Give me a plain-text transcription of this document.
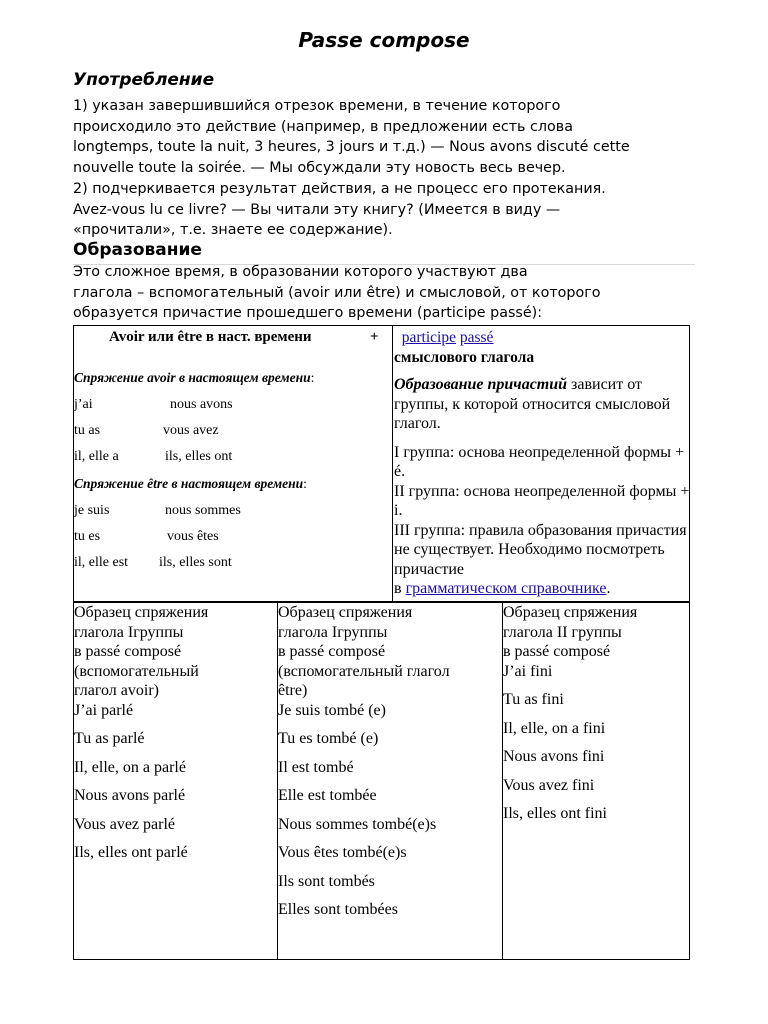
Passe compose
Употребление
1) указан завершившийся отрезок времени, в течение которого
происходило это действие (например, в предложении есть слова
longtemps, toute la nuit, 3 heures, 3 jours и т.д.) — Nous avons discuté cette
nouvelle toute la soirée. — Мы обсуждали эту новость весь вечер.
2) подчеркивается результат действия, а не процесс его протекания.
Avez-vous lu ce livre? — Вы читали эту книгу? (Имеется в виду —
«прочитали», т.е. знаете ее содержание).
Образование
Это сложное время, в образовании которого участвуют два
глагола – вспомогательный (avoir или être) и смысловой, от которого
образуется причастие прошедшего времени (participe passé):
Avoir или être в наст. времени	+
Спряжение avoir в настоящем времени:
j’ai	nous avons
tu as	vous avez
il, elle a	ils, elles ont
Спряжение être в настоящем времени:
je suis	nous sommes
tu es	vous êtes
il, elle est ils, elles sont
participe passé
смыслового глагола
Образование причастий зависит от группы, к которой относится смысловой глагол.
I группа: основа неопределенной формы + é.
II группа: основа неопределенной формы + i.
III группа: правила образования причастия не существует. Необходимо посмотреть причастие
в грамматическом справочнике.

Образец спряжения

глагола Iгруппы

в passé composé

(вспомогательный

глагол avoir)

J’ai parlé

Tu as parlé

Il, elle, on a parlé

Nous avons parlé

Vous avez parlé

Ils, elles ont parlé

Образец спряжения

глагола Iгруппы

в passé composé

(вспомогательный глагол

être)

Je suis tombé (e)

Tu es tombé (e)

Il est tombé

Elle est tombée

Nous sommes tombé(e)s

Vous êtes tombé(e)s

Ils sont tombés

Elles sont tombées

Образец спряжения

глагола II группы

в passé composé

J’ai fini

Tu as fini

Il, elle, on a fini

Nous avons fini

Vous avez fini

Ils, elles ont fini
